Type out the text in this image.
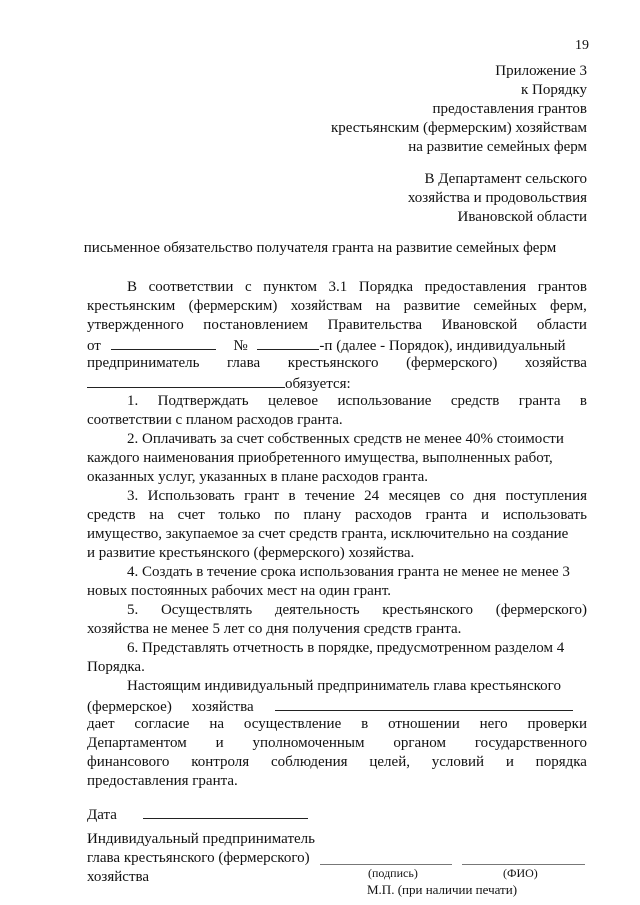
19
Приложение 3
к Порядку
предоставления грантов
крестьянским (фермерским) хозяйствам
на развитие семейных ферм
В Департамент сельского
хозяйства и продовольствия
Ивановской области
письменное обязательство получателя гранта на развитие семейных ферм
В соответствии с пунктом 3.1 Порядка предоставления грантов
крестьянским (фермерским) хозяйствам на развитие семейных ферм,
утвержденного постановлением Правительства Ивановской области
от	№	-п (далее - Порядок), индивидуальный
предприниматель глава крестьянского (фермерского) хозяйства
обязуется:
1. Подтверждать целевое использование средств гранта в
соответствии с планом расходов гранта.
2. Оплачивать за счет собственных средств не менее 40% стоимости
каждого наименования приобретенного имущества, выполненных работ,
оказанных услуг, указанных в плане расходов гранта.
3. Использовать грант в течение 24 месяцев со дня поступления
средств на счет только по плану расходов гранта и использовать
имущество, закупаемое за счет средств гранта, исключительно на создание
и развитие крестьянского (фермерского) хозяйства.
4. Создать в течение срока использования гранта не менее не менее 3
новых постоянных рабочих мест на один грант.
5. Осуществлять деятельность крестьянского (фермерского)
хозяйства не менее 5 лет со дня получения средств гранта.
6. Представлять отчетность в порядке, предусмотренном разделом 4
Порядка.
Настоящим индивидуальный предприниматель глава крестьянского
(фермерское) хозяйства
дает согласие на осуществление в отношении него проверки
Департаментом и уполномоченным органом государственного
финансового контроля соблюдения целей, условий и порядка
предоставления гранта.
Дата
Индивидуальный предприниматель
глава крестьянского (фермерского)
хозяйства	(подпись)	(ФИО)
М.П. (при наличии печати)
